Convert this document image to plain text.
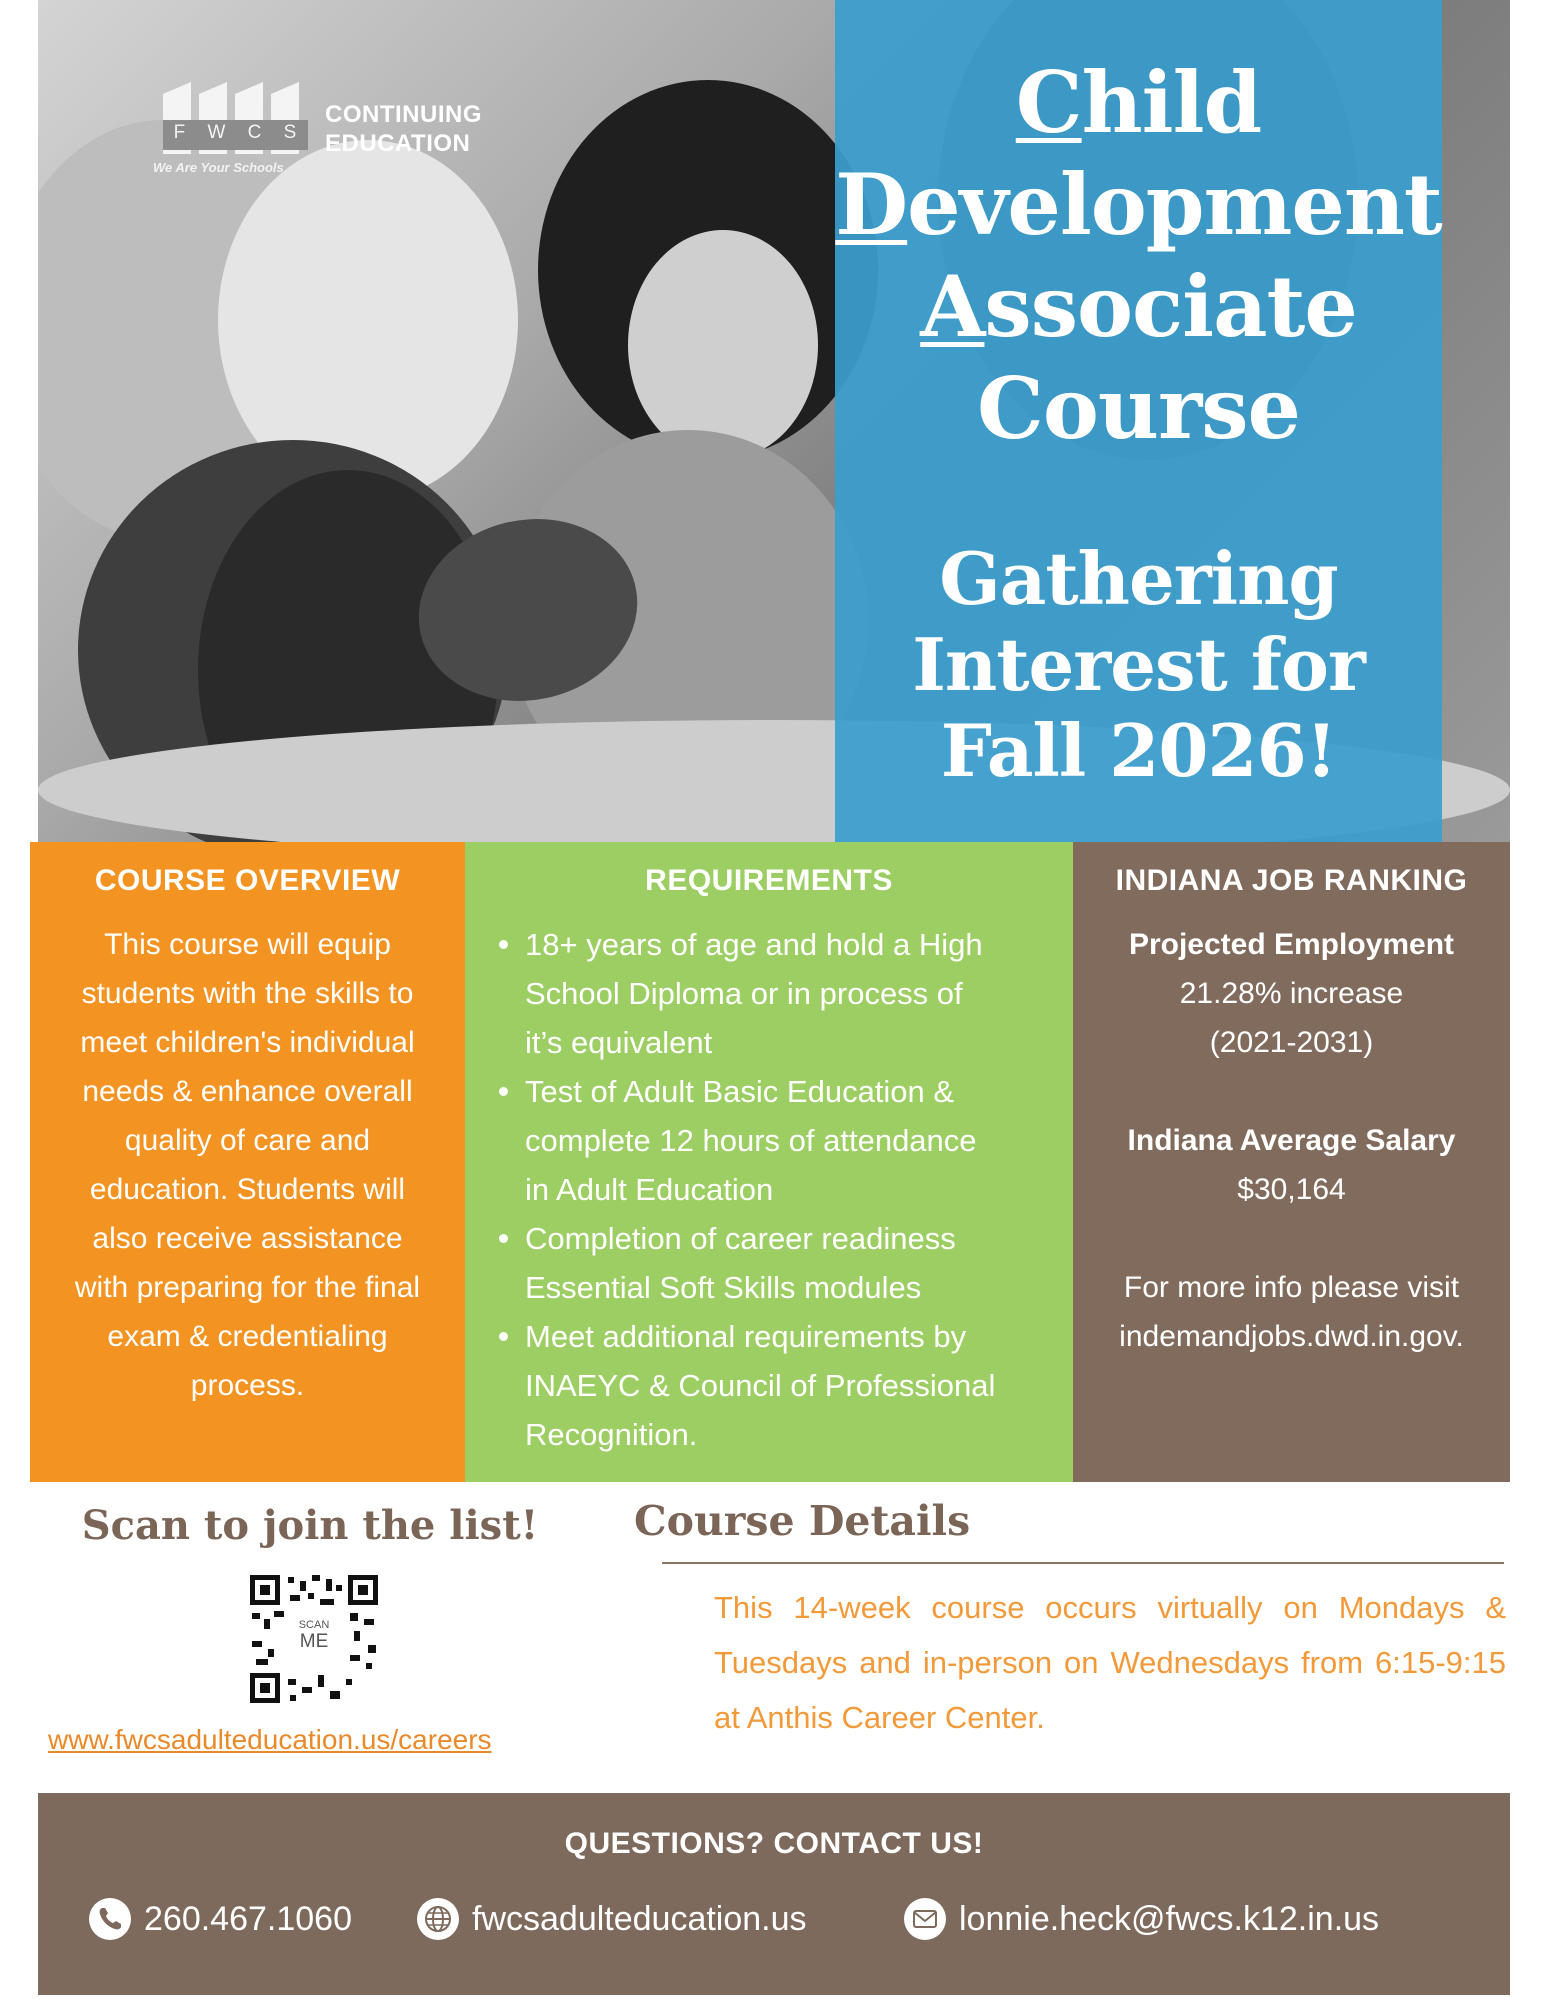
F W C S
We Are Your Schools
CONTINUING
EDUCATION	Child
Development
Associate
Course
Gathering
Interest for
Fall 2026!
COURSE OVERVIEW
This course will equip
students with the skills to
meet children's individual
needs & enhance overall
quality of care and
education. Students will
also receive assistance
with preparing for the final
exam & credentialing
process.
REQUIREMENTS
18+ years of age and hold a High
School Diploma or in process of
it’s equivalent
Test of Adult Basic Education &
complete 12 hours of attendance
in Adult Education
Completion of career readiness
Essential Soft Skills modules
Meet additional requirements by
INAEYC & Council of Professional
Recognition.
INDIANA JOB RANKING
Projected Employment
21.28% increase
(2021-2031)
Indiana Average Salary
$30,164
For more info please visit
indemandjobs.dwd.in.gov.
Scan to join the list!
SCAN
ME
www.fwcsadulteducation.us/careers
Course Details
This 14-week course occurs virtually on Mondays & Tuesdays and in-person on Wednesdays from 6:15-9:15 at Anthis Career Center.
QUESTIONS? CONTACT US!
260.467.1060	fwcsadulteducation.us	lonnie.heck@fwcs.k12.in.us
